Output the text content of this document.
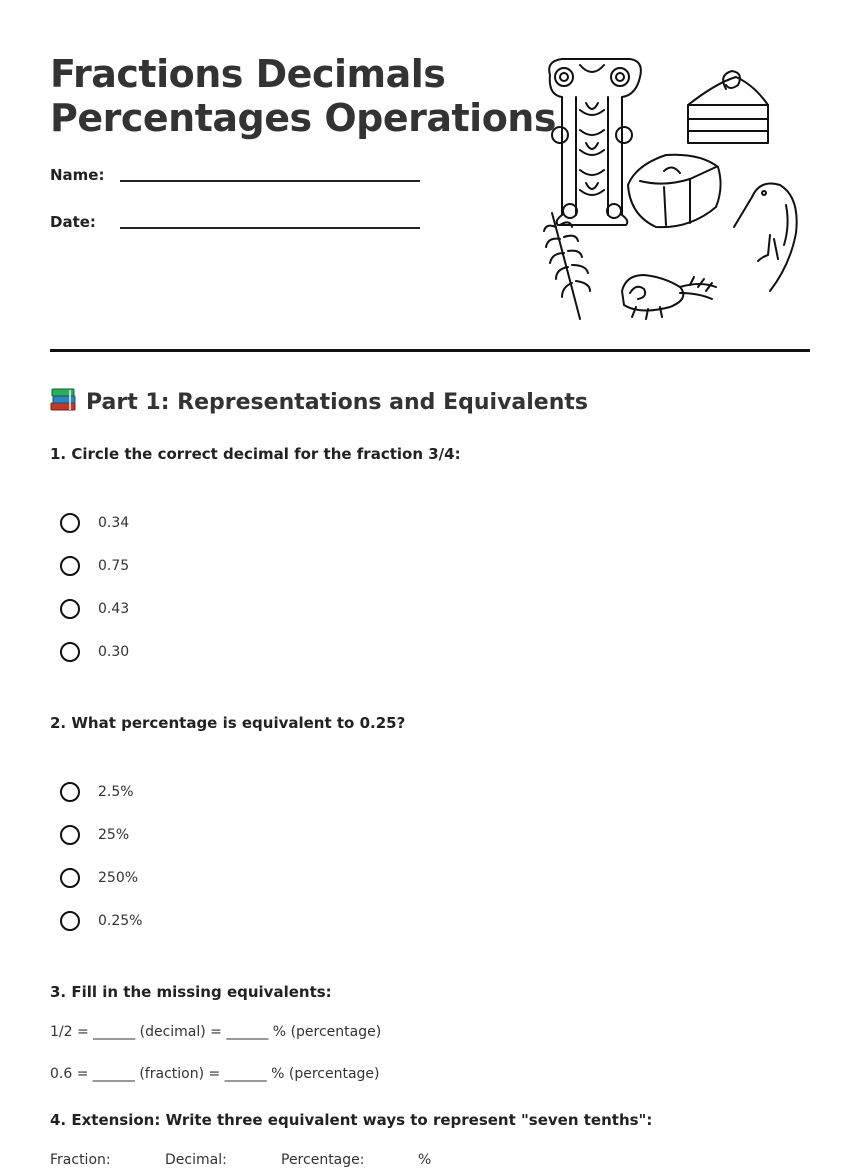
Fractions Decimals
Percentages Operations
Name:
Date:
Part 1: Representations and Equivalents

1. Circle the correct decimal for the fraction 3/4:

0.34
0.75
0.43
0.30

2. What percentage is equivalent to 0.25?

2.5%
25%
250%
0.25%

3. Fill in the missing equivalents:

1/2 = ______ (decimal) = ______ % (percentage)
0.6 = ______ (fraction) = ______ % (percentage)

4. Extension: Write three equivalent ways to represent "seven tenths":

Fraction:	Decimal:	Percentage:	%
